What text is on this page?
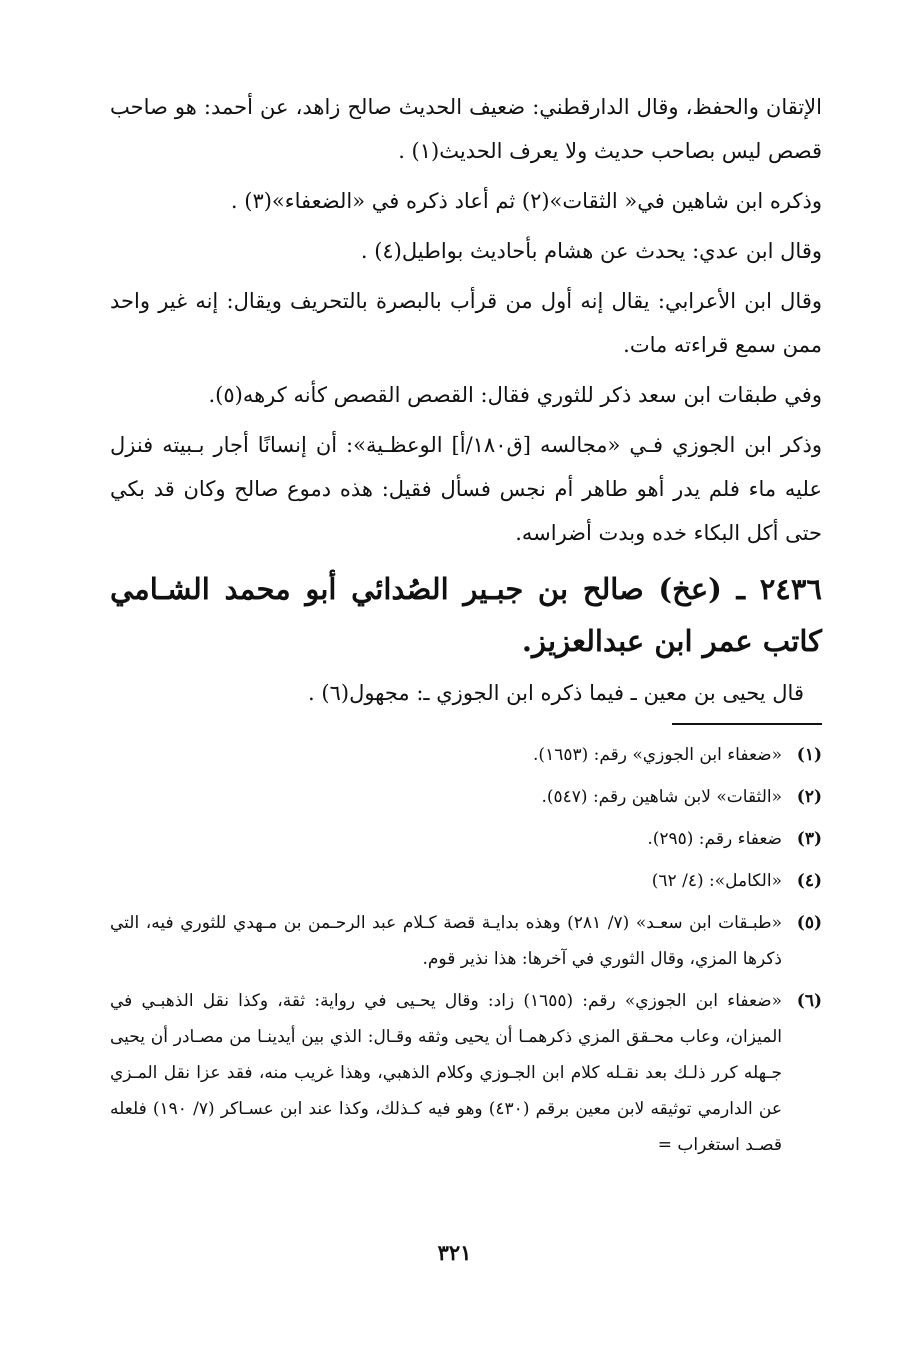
الإتقان والحفظ، وقال الدارقطني: ضعيف الحديث صالح زاهد، عن أحمد: هو صاحب قصص ليس بصاحب حديث ولا يعرف الحديث(١) .

وذكره ابن شاهين في« الثقات»(٢) ثم أعاد ذكره في «الضعفاء»(٣) .

وقال ابن عدي: يحدث عن هشام بأحاديث بواطيل(٤) .

وقال ابن الأعرابي: يقال إنه أول من قرأب بالبصرة بالتحريف ويقال: إنه غير واحد ممن سمع قراءته مات.

وفي طبقات ابن سعد ذكر للثوري فقال: القصص القصص كأنه كرهه(٥).

وذكر ابن الجوزي فـي «مجالسه [ق١٨٠/أ] الوعظـية»: أن إنسانًا أجار بـبيته فنزل عليه ماء فلم يدر أهو طاهر أم نجس فسأل فقيل: هذه دموع صالح وكان قد بكي حتى أكل البكاء خده وبدت أضراسه.

٢٤٣٦ ـ (عخ) صالح بن جبـير الصُدائي أبو محمد الشـامي كاتب عمر ابن عبدالعزيز.

قال يحيى بن معين ـ فيما ذكره ابن الجوزي ـ: مجهول(٦) .

(١)
«ضعفاء ابن الجوزي» رقم: (١٦٥٣).
(٢)
«الثقات» لابن شاهين رقم: (٥٤٧).
(٣)
ضعفاء رقم: (٢٩٥).
(٤)
«الكامل»: (٤/ ٦٢)
(٥)
«طبـقات ابن سعـد» (٧/ ٢٨١) وهذه بدايـة قصة كـلام عبد الرحـمن بن مـهدي للثوري فيه، التي ذكرها المزي، وقال الثوري في آخرها: هذا نذير قوم.
(٦)
«ضعفاء ابن الجوزي» رقم: (١٦٥٥) زاد: وقال يحـيى في رواية: ثقة، وكذا نقل الذهبـي في الميزان، وعاب محـقق المزي ذكرهمـا أن يحيى وثقه وقـال: الذي بين أيدينـا من مصـادر أن يحيى جـهله كرر ذلـك بعد نقـله كلام ابن الجـوزي وكلام الذهبي، وهذا غريب منه، فقد عزا نقل المـزي عن الدارمي توثيقه لابن معين برقم (٤٣٠) وهو فيه كـذلك، وكذا عند ابن عسـاكر (٧/ ١٩٠) فلعله قصـد استغراب =
٣٢١
